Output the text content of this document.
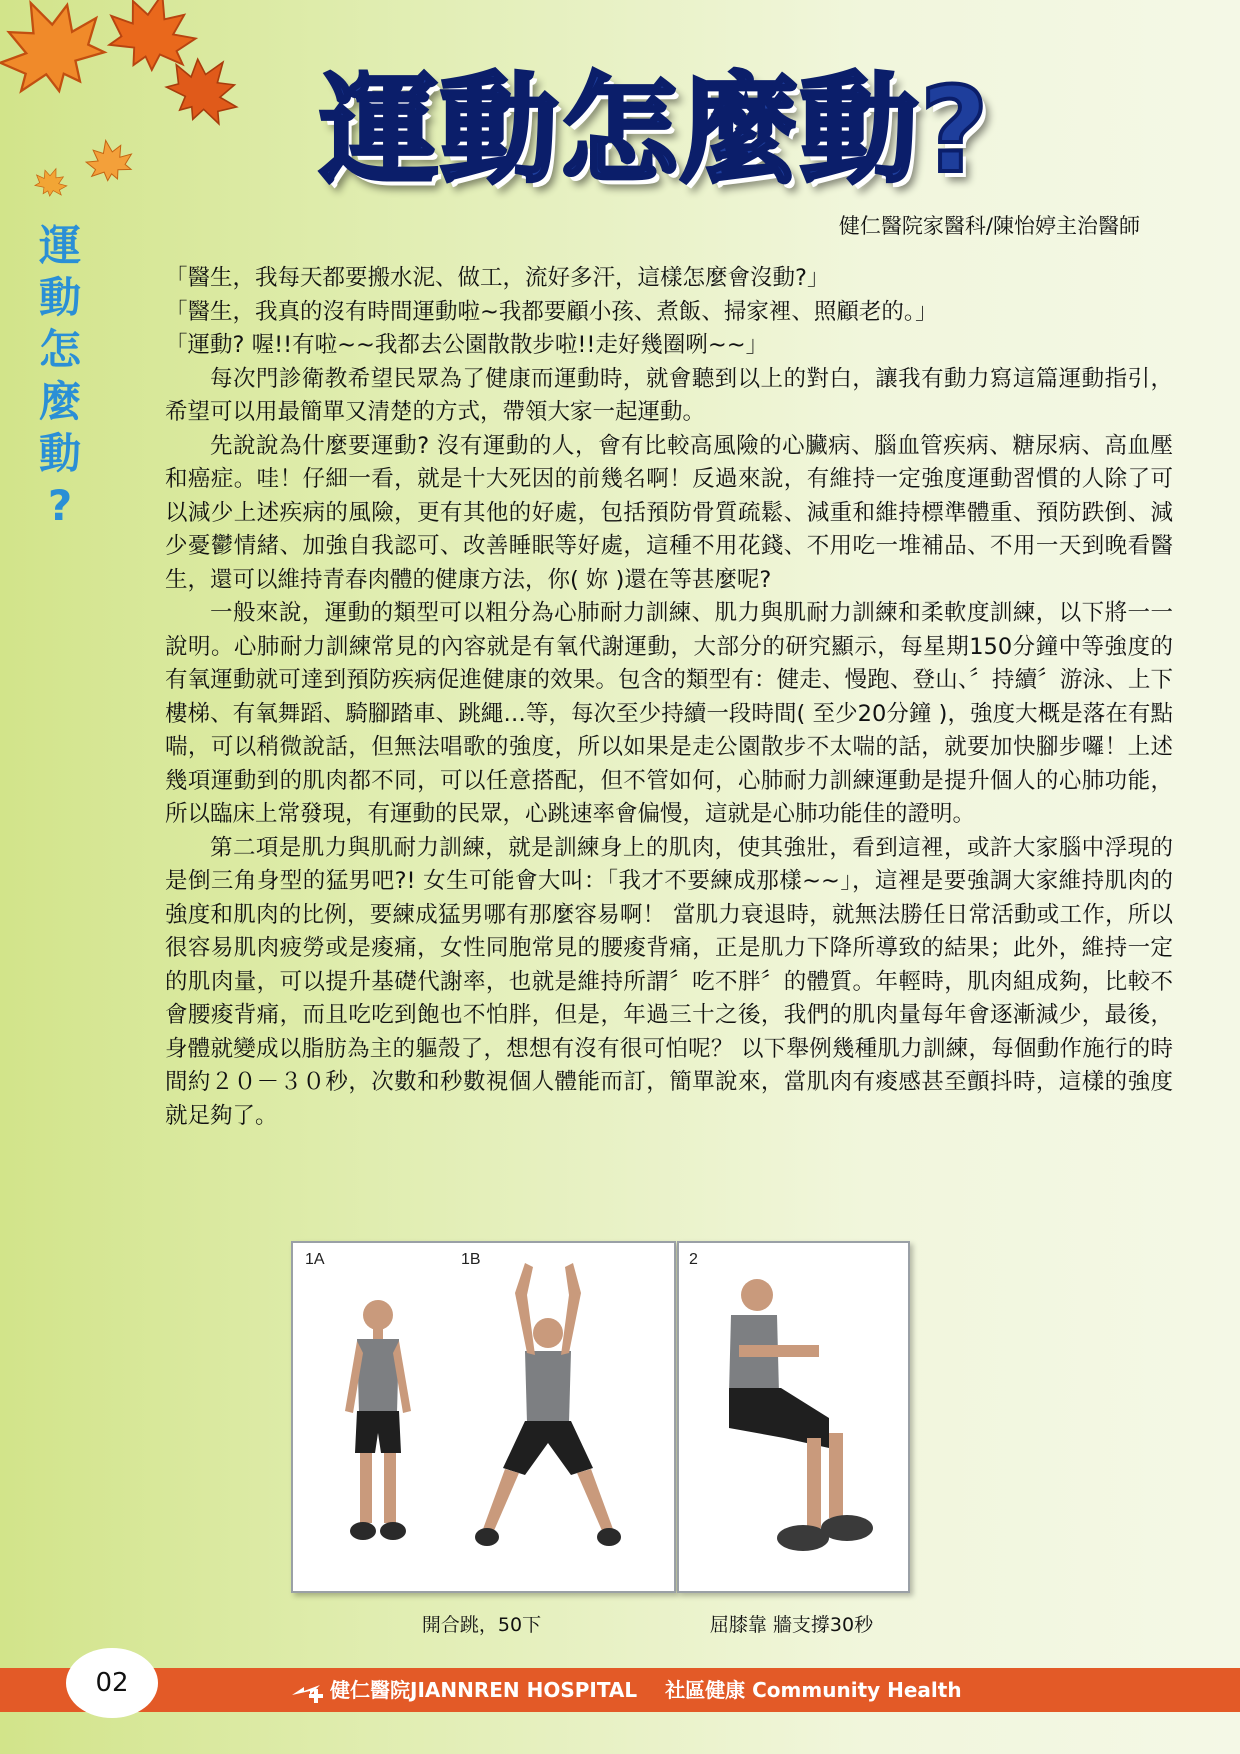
運動怎麼動?
運
動
怎
麼
動
?
健仁醫院家醫科/陳怡婷主治醫師

「醫生，我每天都要搬水泥、做工，流好多汗，這樣怎麼會沒動?」

「醫生，我真的沒有時間運動啦~我都要顧小孩、煮飯、掃家裡、照顧老的。」

「運動? 喔!!有啦~~我都去公園散散步啦!!走好幾圈咧~~」

每次門診衛教希望民眾為了健康而運動時，就會聽到以上的對白，讓我有動力寫這篇運動指引，希望可以用最簡單又清楚的方式，帶領大家一起運動。

先說說為什麼要運動? 沒有運動的人，會有比較高風險的心臟病、腦血管疾病、糖尿病、高血壓和癌症。哇！仔細一看，就是十大死因的前幾名啊！反過來說，有維持一定強度運動習慣的人除了可以減少上述疾病的風險，更有其他的好處，包括預防骨質疏鬆、減重和維持標準體重、預防跌倒、減少憂鬱情緒、加強自我認可、改善睡眠等好處，這種不用花錢、不用吃一堆補品、不用一天到晚看醫生，還可以維持青春肉體的健康方法，你( 妳 )還在等甚麼呢?

一般來說，運動的類型可以粗分為心肺耐力訓練、肌力與肌耐力訓練和柔軟度訓練，以下將一一說明。心肺耐力訓練常見的內容就是有氧代謝運動，大部分的研究顯示，每星期150分鐘中等強度的有氧運動就可達到預防疾病促進健康的效果。包含的類型有：健走、慢跑、登山、〞持續〞游泳、上下樓梯、有氧舞蹈、騎腳踏車、跳繩…等，每次至少持續一段時間( 至少20分鐘 )，強度大概是落在有點喘，可以稍微說話，但無法唱歌的強度，所以如果是走公園散步不太喘的話，就要加快腳步囉！上述幾項運動到的肌肉都不同，可以任意搭配，但不管如何，心肺耐力訓練運動是提升個人的心肺功能，所以臨床上常發現，有運動的民眾，心跳速率會偏慢，這就是心肺功能佳的證明。

第二項是肌力與肌耐力訓練，就是訓練身上的肌肉，使其強壯，看到這裡，或許大家腦中浮現的是倒三角身型的猛男吧?! 女生可能會大叫：「我才不要練成那樣~~」，這裡是要強調大家維持肌肉的強度和肌肉的比例，要練成猛男哪有那麼容易啊！ 當肌力衰退時，就無法勝任日常活動或工作，所以很容易肌肉疲勞或是痠痛，女性同胞常見的腰痠背痛，正是肌力下降所導致的結果；此外，維持一定的肌肉量，可以提升基礎代謝率，也就是維持所謂〞吃不胖〞的體質。年輕時，肌肉組成夠，比較不會腰痠背痛，而且吃吃到飽也不怕胖，但是，年過三十之後，我們的肌肉量每年會逐漸減少，最後，身體就變成以脂肪為主的軀殼了，想想有沒有很可怕呢？ 以下舉例幾種肌力訓練，每個動作施行的時間約２０－３０秒，次數和秒數視個人體能而訂，簡單說來，當肌肉有痠感甚至顫抖時，這樣的強度就足夠了。

1A	1B
開合跳，50下
2
屈膝靠 牆支撐30秒
02	健仁醫院JIANNREN HOSPITAL 社區健康 Community Health
